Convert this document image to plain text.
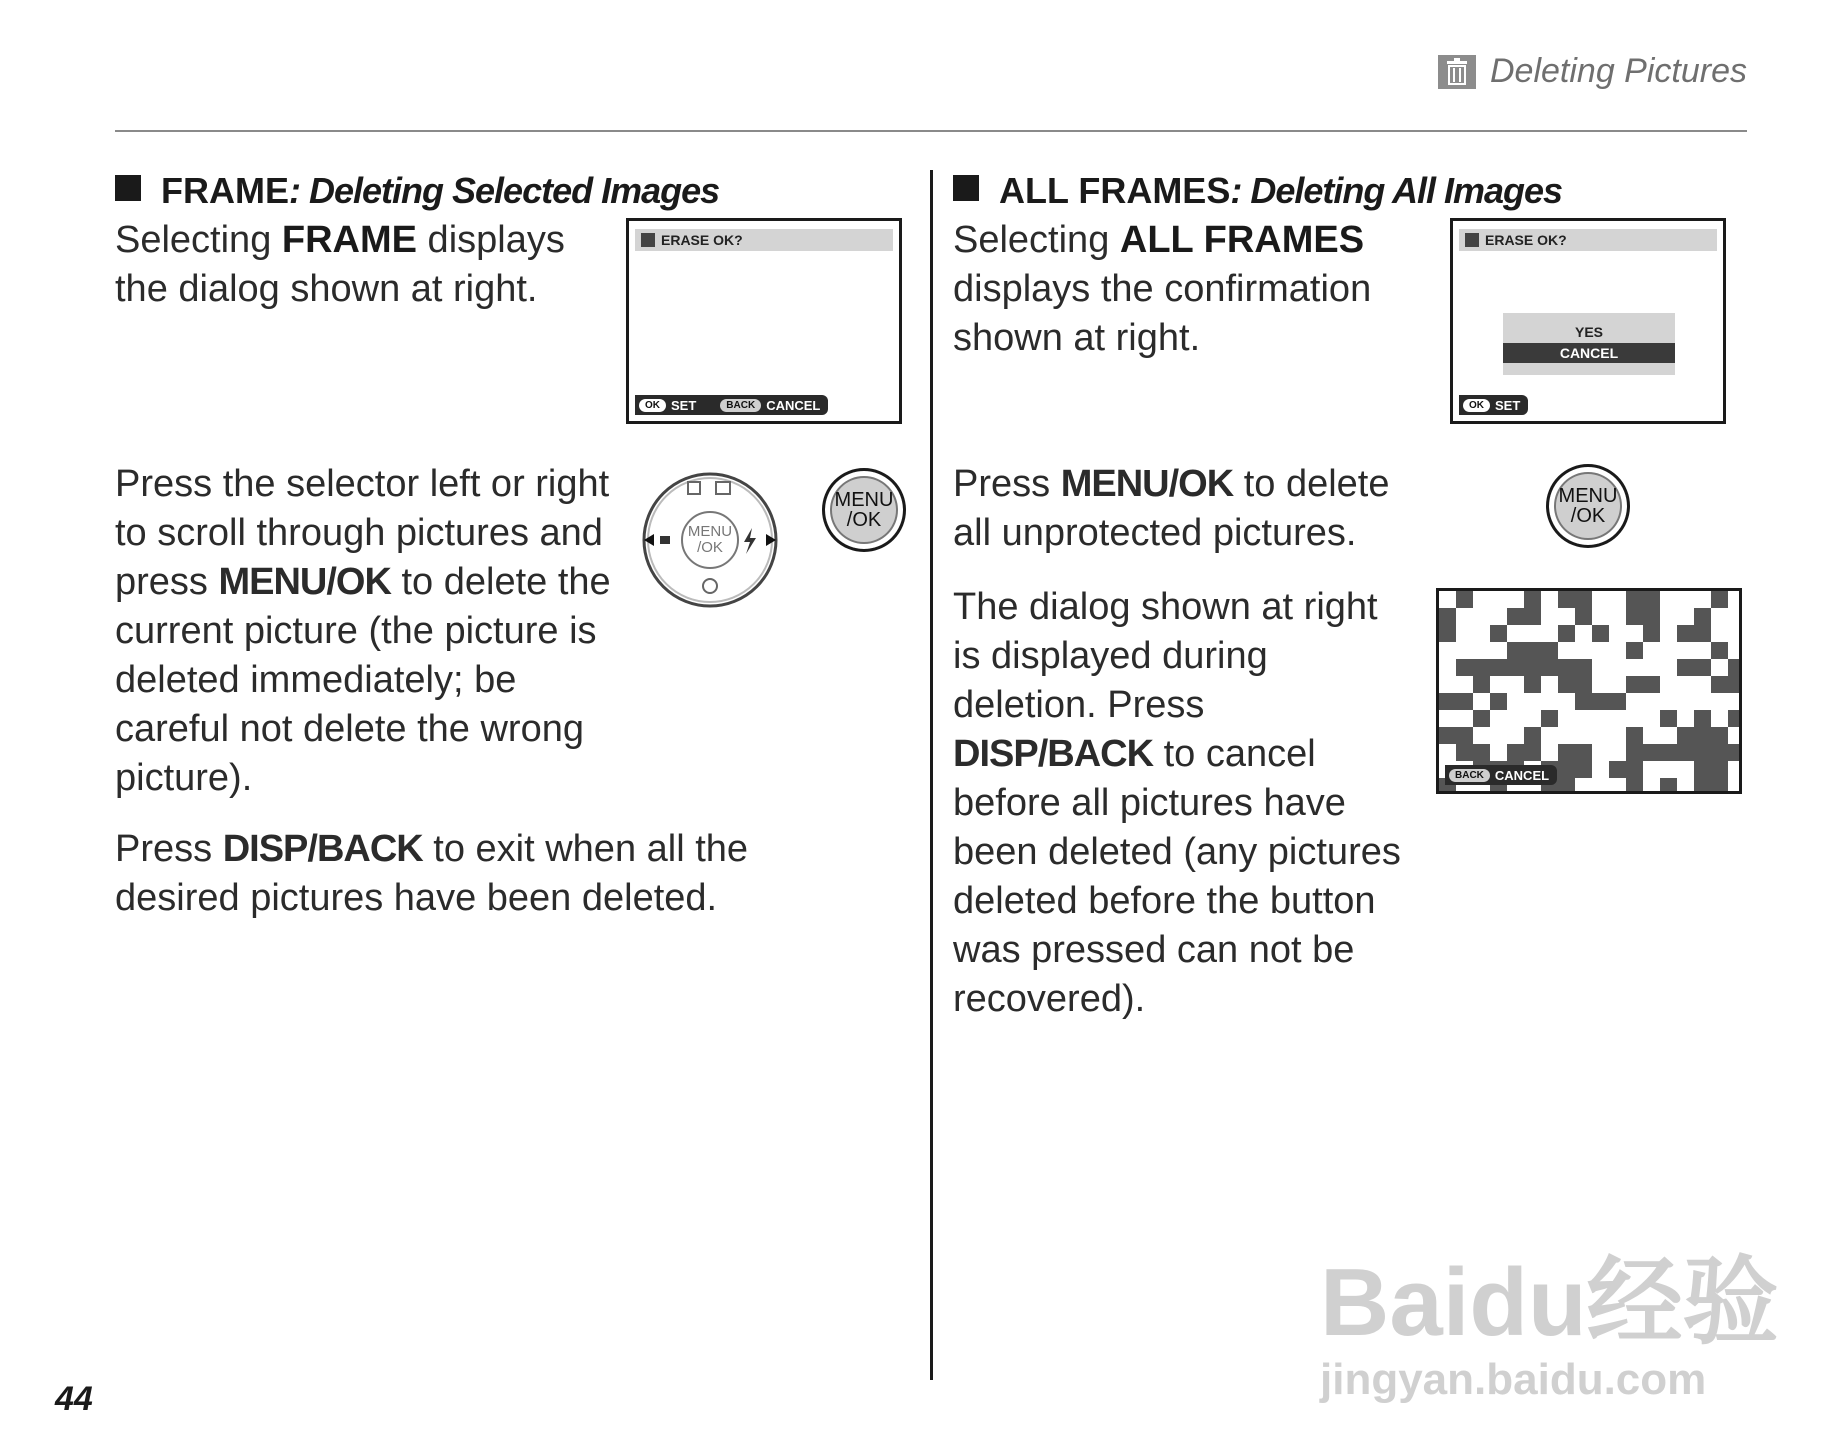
Deleting Pictures
FRAME: Deleting Selected Images
Selecting FRAME displays the dialog shown at right.
ERASE OK?
OK SET	BACK CANCEL
MENU
/OK
MENU
/OK
Press the selector left or right to scroll through pictures and press MENU/OK to delete the current picture (the picture is deleted immediately; be careful not delete the wrong picture).
Press DISP/BACK to exit when all the desired pictures have been deleted.
ALL FRAMES: Deleting All Images
Selecting ALL FRAMES displays the confirmation shown at right.
ERASE OK?
YES
CANCEL
OK SET
MENU
/OK
Press MENU/OK to delete all unprotected pictures.
The dialog shown at right is displayed during deletion. Press DISP/BACK to cancel before all pictures have been deleted (any pictures deleted before the button was pressed can not be recovered).
BACK CANCEL
44
Baidu经验
jingyan.baidu.com
